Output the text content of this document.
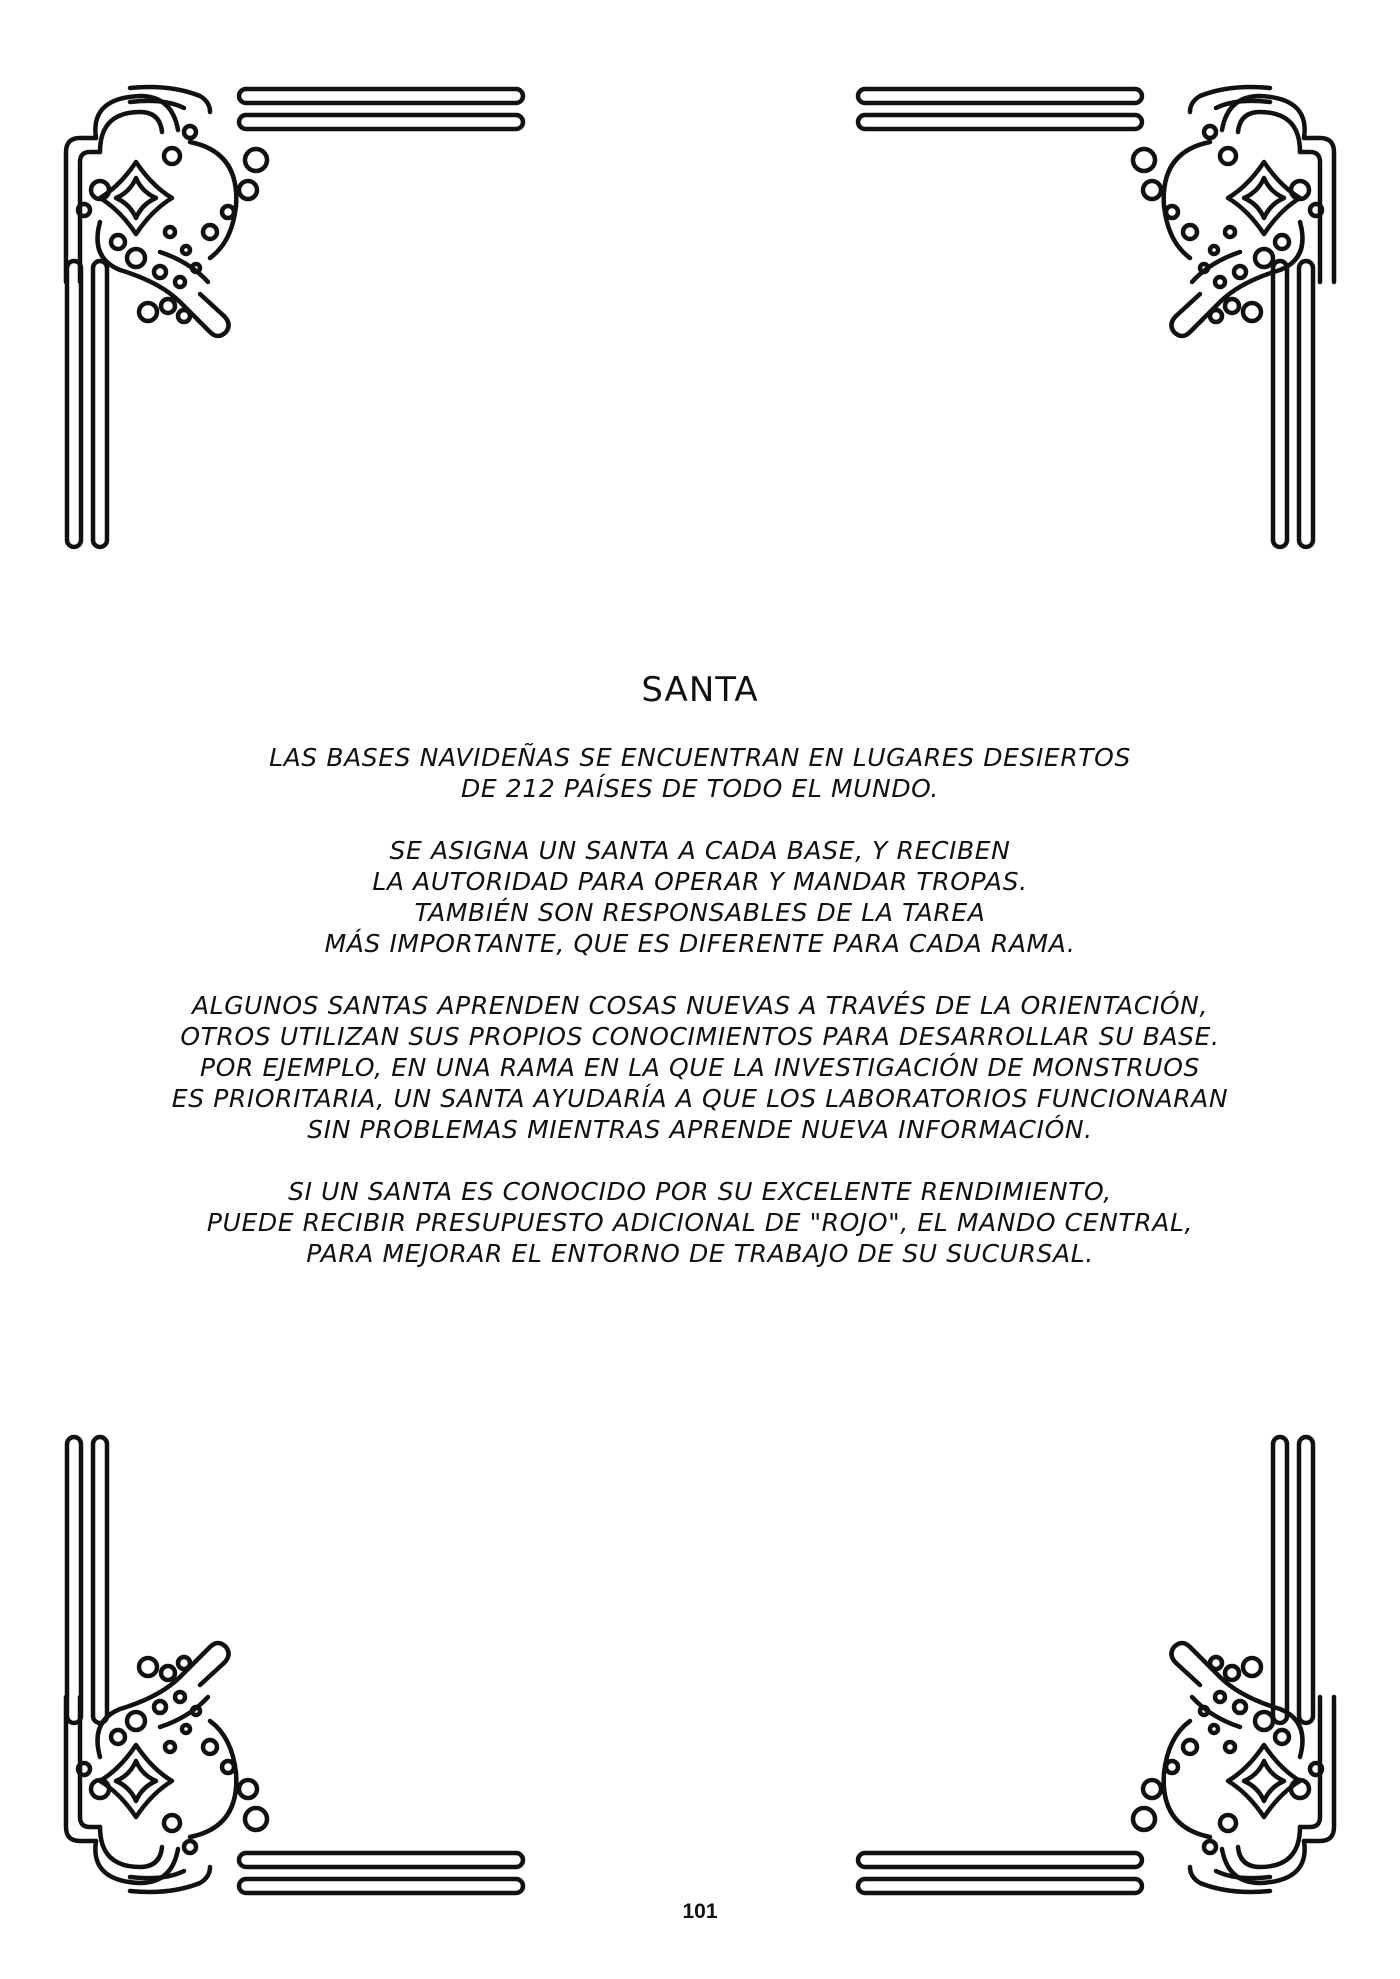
SANTA
LAS BASES NAVIDEÑAS SE ENCUENTRAN EN LUGARES DESIERTOS
DE 212 PAÍSES DE TODO EL MUNDO.
SE ASIGNA UN SANTA A CADA BASE, Y RECIBEN
LA AUTORIDAD PARA OPERAR Y MANDAR TROPAS.
TAMBIÉN SON RESPONSABLES DE LA TAREA
MÁS IMPORTANTE, QUE ES DIFERENTE PARA CADA RAMA.
ALGUNOS SANTAS APRENDEN COSAS NUEVAS A TRAVÉS DE LA ORIENTACIÓN,
OTROS UTILIZAN SUS PROPIOS CONOCIMIENTOS PARA DESARROLLAR SU BASE.
POR EJEMPLO, EN UNA RAMA EN LA QUE LA INVESTIGACIÓN DE MONSTRUOS
ES PRIORITARIA, UN SANTA AYUDARÍA A QUE LOS LABORATORIOS FUNCIONARAN
SIN PROBLEMAS MIENTRAS APRENDE NUEVA INFORMACIÓN.
SI UN SANTA ES CONOCIDO POR SU EXCELENTE RENDIMIENTO,
PUEDE RECIBIR PRESUPUESTO ADICIONAL DE "ROJO", EL MANDO CENTRAL,
PARA MEJORAR EL ENTORNO DE TRABAJO DE SU SUCURSAL.
101
